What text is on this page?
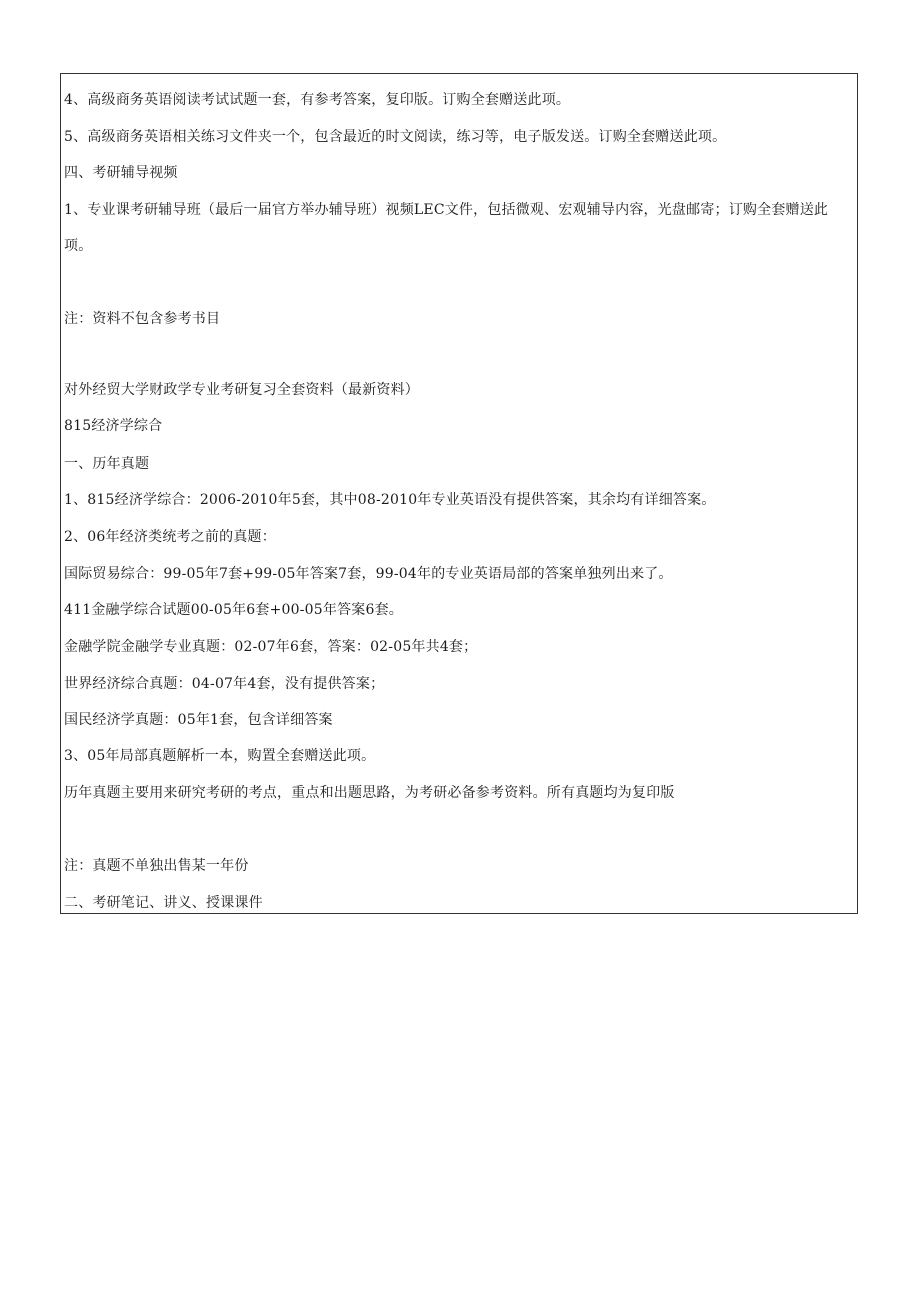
4、高级商务英语阅读考试试题一套，有参考答案，复印版。订购全套赠送此项。
5、高级商务英语相关练习文件夹一个，包含最近的时文阅读，练习等，电子版发送。订购全套赠送此项。
四、考研辅导视频
1、专业课考研辅导班（最后一届官方举办辅导班）视频LEC文件，包括微观、宏观辅导内容，光盘邮寄；订购全套赠送此项。
注：资料不包含参考书目
对外经贸大学财政学专业考研复习全套资料（最新资料）
815经济学综合
一、历年真题
1、815经济学综合：2006-2010年5套，其中08-2010年专业英语没有提供答案，其余均有详细答案。
2、06年经济类统考之前的真题：
国际贸易综合：99-05年7套+99-05年答案7套，99-04年的专业英语局部的答案单独列出来了。
411金融学综合试题00-05年6套+00-05年答案6套。
金融学院金融学专业真题：02-07年6套，答案：02-05年共4套；
世界经济综合真题：04-07年4套，没有提供答案；
国民经济学真题：05年1套，包含详细答案
3、05年局部真题解析一本，购置全套赠送此项。
历年真题主要用来研究考研的考点，重点和出题思路，为考研必备参考资料。所有真题均为复印版
注：真题不单独出售某一年份
二、考研笔记、讲义、授课课件
